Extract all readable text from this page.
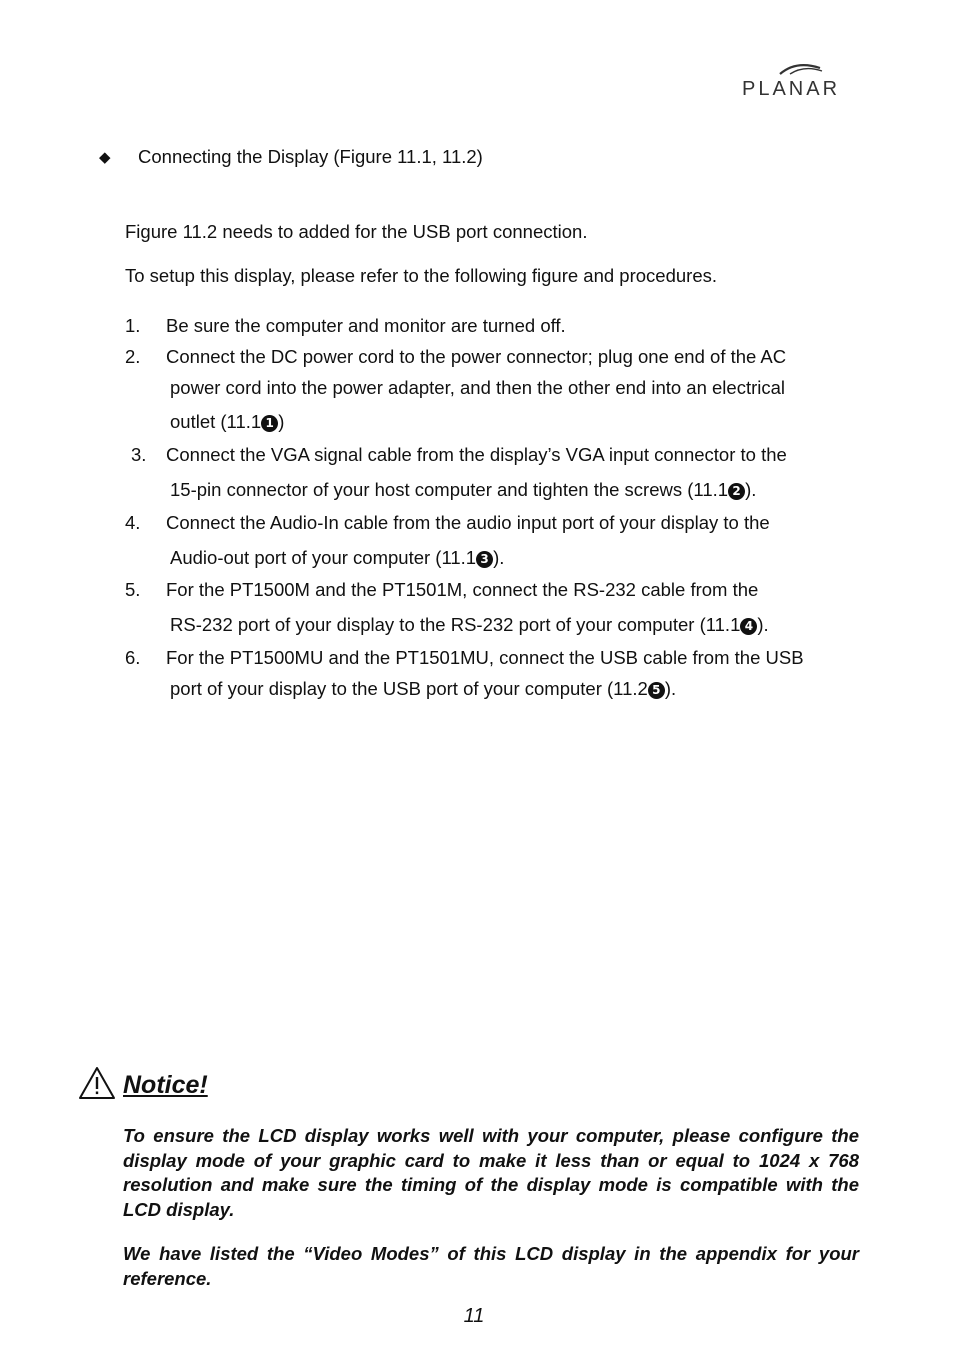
PLANAR
◆ Connecting the Display (Figure 11.1, 11.2)
Figure 11.2 needs to added for the USB port connection.
To setup this display, please refer to the following figure and procedures.
1. Be sure the computer and monitor are turned off.
2. Connect the DC power cord to the power connector; plug one end of the AC
power cord into the power adapter, and then the other end into an electrical
outlet (11.1 1 )
3. Connect the VGA signal cable from the display’s VGA input connector to the
15-pin connector of your host computer and tighten the screws (11.1 2 ).
4. Connect the Audio-In cable from the audio input port of your display to the
Audio-out port of your computer (11.1 3 ).
5. For the PT1500M and the PT1501M, connect the RS-232 cable from the
RS-232 port of your display to the RS-232 port of your computer (11.1 4 ).
6. For the PT1500MU and the PT1501MU, connect the USB cable from the USB
port of your display to the USB port of your computer (11.2 5 ).
Notice!
To ensure the LCD display works well with your computer, please configure the display mode of your graphic card to make it less than or equal to 1024 x 768 resolution and make sure the timing of the display mode is compatible with the LCD display.
We have listed the “Video Modes” of this LCD display in the appendix for your reference.
11
